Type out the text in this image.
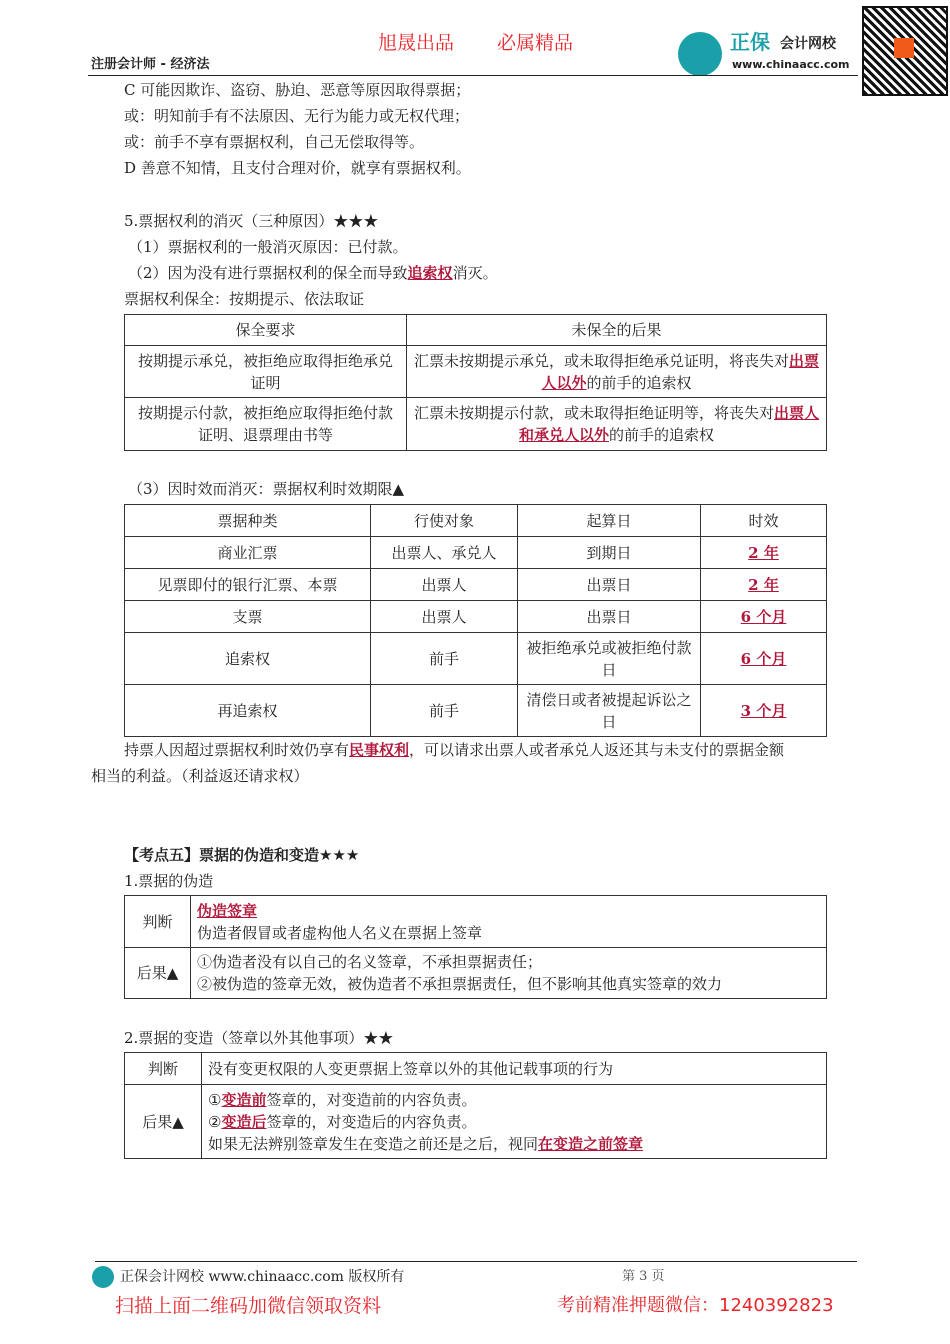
旭晟出品 必属精品
注册会计师 - 经济法
正保 会计网校
www.chinaacc.com
C 可能因欺诈、盗窃、胁迫、恶意等原因取得票据；
或：明知前手有不法原因、无行为能力或无权代理；
或：前手不享有票据权利，自己无偿取得等。
D 善意不知情，且支付合理对价，就享有票据权利。
5.票据权利的消灭（三种原因）★★★
（1）票据权利的一般消灭原因：已付款。
（2）因为没有进行票据权利的保全而导致追索权消灭。
票据权利保全：按期提示、依法取证
保全要求	未保全的后果
按期提示承兑，被拒绝应取得拒绝承兑证明	汇票未按期提示承兑，或未取得拒绝承兑证明，将丧失对出票人以外的前手的追索权
按期提示付款，被拒绝应取得拒绝付款证明、退票理由书等	汇票未按期提示付款，或未取得拒绝证明等，将丧失对出票人和承兑人以外的前手的追索权
（3）因时效而消灭：票据权利时效期限▲
票据种类	行使对象	起算日	时效
商业汇票	出票人、承兑人	到期日	2 年
见票即付的银行汇票、本票	出票人	出票日	2 年
支票	出票人	出票日	6 个月
追索权	前手	被拒绝承兑或被拒绝付款日	6 个月
再追索权	前手	清偿日或者被提起诉讼之日	3 个月
持票人因超过票据权利时效仍享有民事权利，可以请求出票人或者承兑人返还其与未支付的票据金额
相当的利益。（利益返还请求权）
【考点五】票据的伪造和变造★★★
1.票据的伪造
判断	伪造签章
伪造者假冒或者虚构他人名义在票据上签章
后果▲	①伪造者没有以自己的名义签章，不承担票据责任；
②被伪造的签章无效，被伪造者不承担票据责任，但不影响其他真实签章的效力
2.票据的变造（签章以外其他事项）★★
判断	没有变更权限的人变更票据上签章以外的其他记载事项的行为
后果▲	①变造前签章的，对变造前的内容负责。
②变造后签章的，对变造后的内容负责。
如果无法辨别签章发生在变造之前还是之后，视同在变造之前签章
正保会计网校 www.chinaacc.com 版权所有	第 3 页
扫描上面二维码加微信领取资料	考前精准押题微信：1240392823
